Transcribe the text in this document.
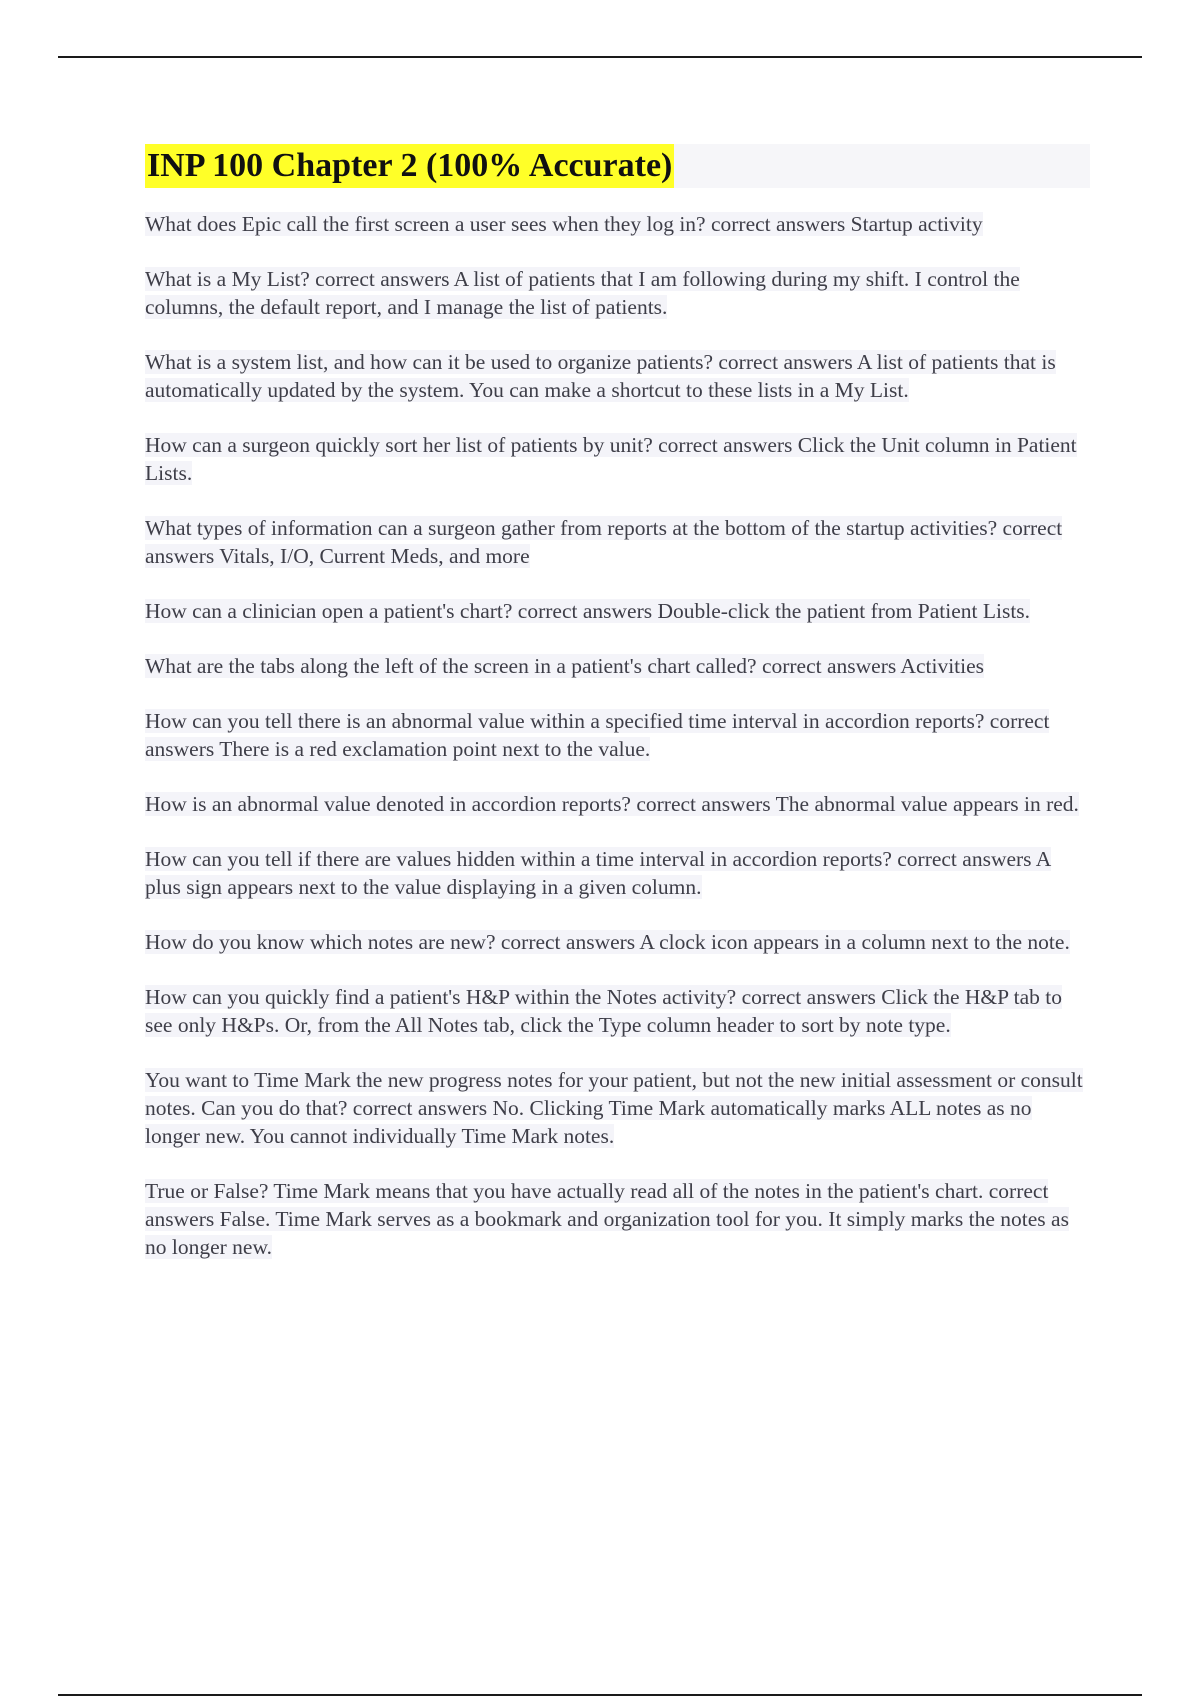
INP 100 Chapter 2 (100% Accurate)

What does Epic call the first screen a user sees when they log in? correct answers Startup activity

What is a My List? correct answers A list of patients that I am following during my shift. I control the columns, the default report, and I manage the list of patients.

What is a system list, and how can it be used to organize patients? correct answers A list of patients that is automatically updated by the system. You can make a shortcut to these lists in a My List.

How can a surgeon quickly sort her list of patients by unit? correct answers Click the Unit column in Patient Lists.

What types of information can a surgeon gather from reports at the bottom of the startup activities? correct answers Vitals, I/O, Current Meds, and more

How can a clinician open a patient's chart? correct answers Double-click the patient from Patient Lists.

What are the tabs along the left of the screen in a patient's chart called? correct answers Activities

How can you tell there is an abnormal value within a specified time interval in accordion reports? correct answers There is a red exclamation point next to the value.

How is an abnormal value denoted in accordion reports? correct answers The abnormal value appears in red.

How can you tell if there are values hidden within a time interval in accordion reports? correct answers A plus sign appears next to the value displaying in a given column.

How do you know which notes are new? correct answers A clock icon appears in a column next to the note.

How can you quickly find a patient's H&P within the Notes activity? correct answers Click the H&P tab to see only H&Ps. Or, from the All Notes tab, click the Type column header to sort by note type.

You want to Time Mark the new progress notes for your patient, but not the new initial assessment or consult notes. Can you do that? correct answers No. Clicking Time Mark automatically marks ALL notes as no longer new. You cannot individually Time Mark notes.

True or False? Time Mark means that you have actually read all of the notes in the patient's chart. correct answers False. Time Mark serves as a bookmark and organization tool for you. It simply marks the notes as no longer new.
